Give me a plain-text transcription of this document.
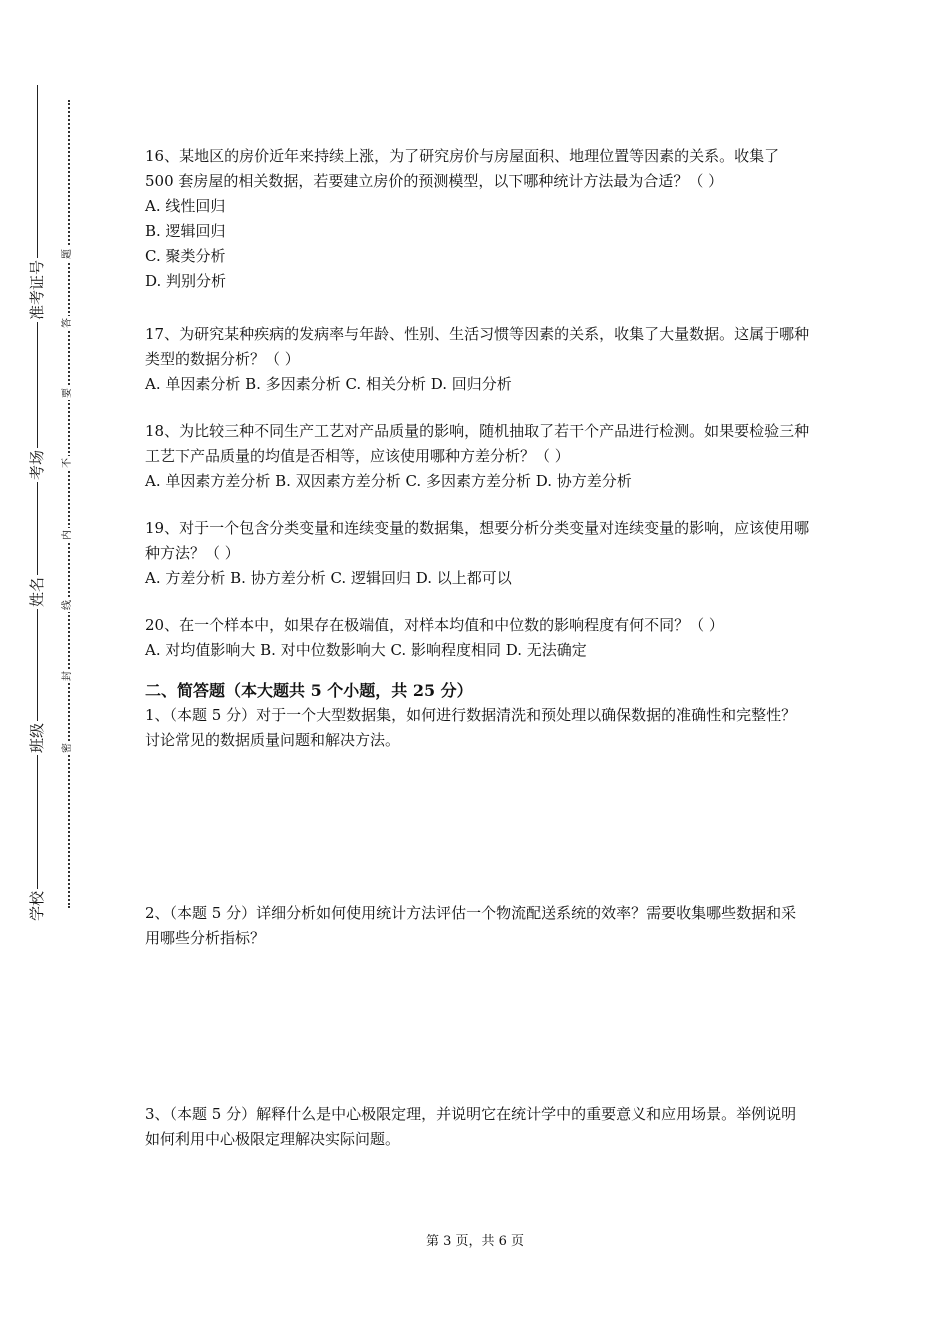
准考证号
考场
姓名
班级
学校
题
答
要
不
内
线
封
密

16、某地区的房价近年来持续上涨，为了研究房价与房屋面积、地理位置等因素的关系。收集了 500 套房屋的相关数据，若要建立房价的预测模型，以下哪种统计方法最为合适？（ ）

A. 线性回归

B. 逻辑回归

C. 聚类分析

D. 判别分析

17、为研究某种疾病的发病率与年龄、性别、生活习惯等因素的关系，收集了大量数据。这属于哪种类型的数据分析？（ ）

A. 单因素分析 B. 多因素分析 C. 相关分析 D. 回归分析

18、为比较三种不同生产工艺对产品质量的影响，随机抽取了若干个产品进行检测。如果要检验三种工艺下产品质量的均值是否相等，应该使用哪种方差分析？（ ）

A. 单因素方差分析 B. 双因素方差分析 C. 多因素方差分析 D. 协方差分析

19、对于一个包含分类变量和连续变量的数据集，想要分析分类变量对连续变量的影响，应该使用哪种方法？（ ）

A. 方差分析 B. 协方差分析 C. 逻辑回归 D. 以上都可以

20、在一个样本中，如果存在极端值，对样本均值和中位数的影响程度有何不同？（ ）

A. 对均值影响大 B. 对中位数影响大 C. 影响程度相同 D. 无法确定

二、简答题（本大题共 5 个小题，共 25 分）

1、（本题 5 分）对于一个大型数据集，如何进行数据清洗和预处理以确保数据的准确性和完整性？讨论常见的数据质量问题和解决方法。

2、（本题 5 分）详细分析如何使用统计方法评估一个物流配送系统的效率？需要收集哪些数据和采用哪些分析指标？

3、（本题 5 分）解释什么是中心极限定理，并说明它在统计学中的重要意义和应用场景。举例说明如何利用中心极限定理解决实际问题。

第 3 页，共 6 页
